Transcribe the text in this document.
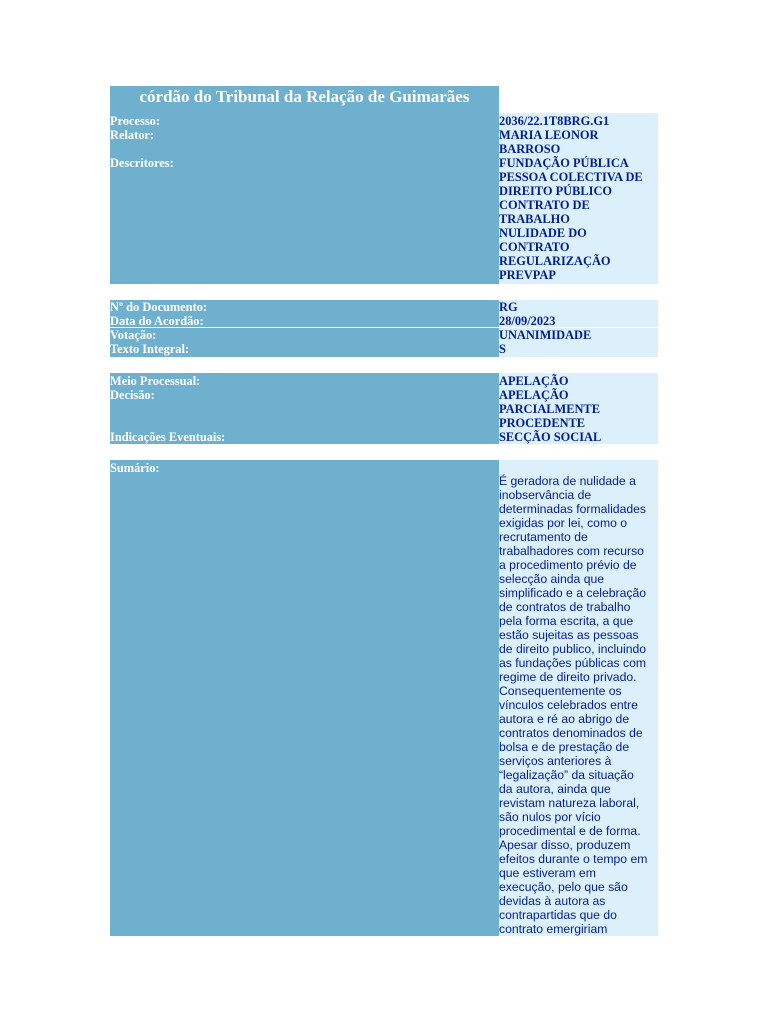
córdão do Tribunal da Relação de Guimarães
Processo:
Relator:
Descritores:
2036/22.1T8BRG.G1
MARIA LEONOR
BARROSO
FUNDAÇÃO PÚBLICA
PESSOA COLECTIVA DE
DIREITO PÚBLICO
CONTRATO DE
TRABALHO
NULIDADE DO
CONTRATO
REGULARIZAÇÃO
PREVPAP
Nº do Documento:
Data do Acordão:
Votação:
Texto Integral:
RG
28/09/2023
UNANIMIDADE
S
Meio Processual:
Decisão:
Indicações Eventuais:
APELAÇÃO
APELAÇÃO
PARCIALMENTE
PROCEDENTE
SECÇÃO SOCIAL
Sumário:
É geradora de nulidade a
inobservância de
determinadas formalidades
exigidas por lei, como o
recrutamento de
trabalhadores com recurso
a procedimento prévio de
selecção ainda que
simplificado e a celebração
de contratos de trabalho
pela forma escrita, a que
estão sujeitas as pessoas
de direito publico, incluindo
as fundações públicas com
regime de direito privado.
Consequentemente os
vínculos celebrados entre
autora e ré ao abrigo de
contratos denominados de
bolsa e de prestação de
serviços anteriores à
“legalização” da situação
da autora, ainda que
revistam natureza laboral,
são nulos por vício
procedimental e de forma.
Apesar disso, produzem
efeitos durante o tempo em
que estiveram em
execução, pelo que são
devidas à autora as
contrapartidas que do
contrato emergiriam
